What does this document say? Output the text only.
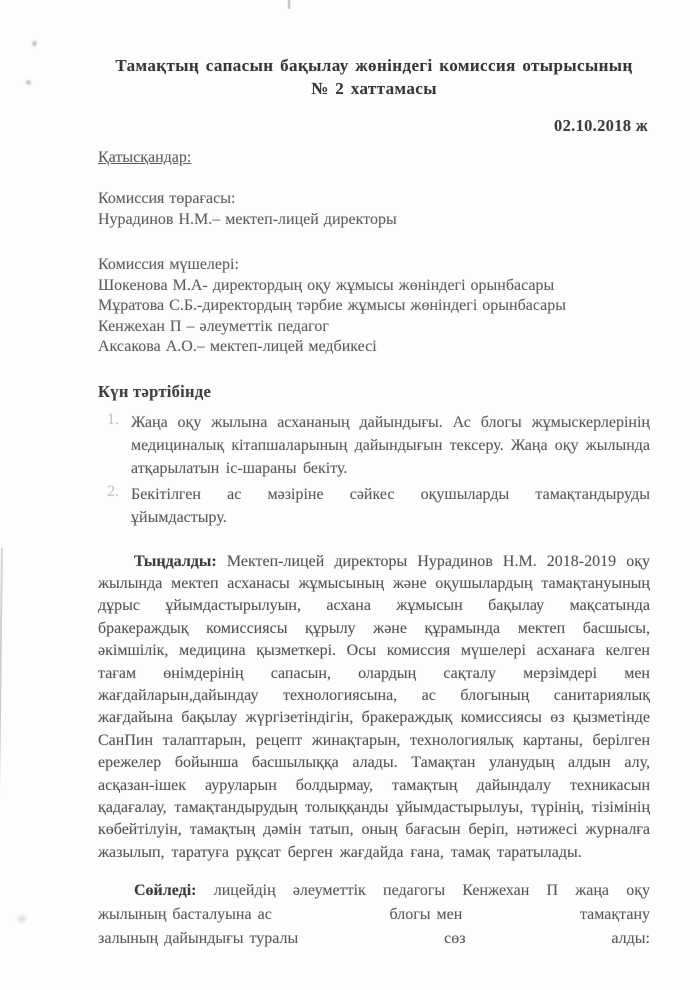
Тамақтың сапасын бақылау жөніндегі комиссия отырысының
№ 2 хаттамасы
02.10.2018 ж
Қатысқандар:
Комиссия төрағасы:
Нурадинов Н.М.– мектеп-лицей директоры
Комиссия мүшелері:
Шокенова М.А- директордың оқу жұмысы жөніндегі орынбасары
Мұратова С.Б.-директордың тәрбие жұмысы жөніндегі орынбасары
Кенжехан П – әлеуметтік педагог
Аксакова А.О.– мектеп-лицей медбикесі
Күн тәртібінде
1. Жаңа оқу жылына асхананың дайындығы. Ас блогы жұмыскерлерінің медициналық кітапшаларының дайындығын тексеру. Жаңа оқу жылында атқарылатын іс-шараны бекіту.
2. Бекітілген ас мәзіріне сәйкес оқушыларды тамақтандыруды ұйымдастыру.

Тыңдалды: Мектеп-лицей директоры Нурадинов Н.М. 2018-2019 оқу жылында мектеп асханасы жұмысының және оқушылардың тамақтануының дұрыс ұйымдастырылуын, асхана жұмысын бақылау мақсатында бракераждық комиссиясы құрылу және құрамында мектеп басшысы, әкімшілік, медицина қызметкері. Осы комиссия мүшелері асханаға келген тағам өнімдерінің сапасын, олардың сақталу мерзімдері мен жағдайларын,дайындау технологиясына, ас блогының санитариялық жағдайына бақылау жүргізетіндігін, бракераждық комиссиясы өз қызметінде СанПин талаптарын, рецепт жинақтарын, технологиялық картаны, берілген ережелер бойынша басшылыққа алады. Тамақтан уланудың алдын алу, асқазан-ішек ауруларын болдырмау, тамақтың дайындалу техникасын қадағалау, тамақтандырудың толыққанды ұйымдастырылуы, түрінің, тізімінің көбейтілуін, тамақтың дәмін татып, оның бағасын беріп, нәтижесі журналға жазылып, таратуға рұқсат берген жағдайда ғана, тамақ таратылады.

Сөйледі: лицейдің әлеуметтік педагогы Кенжехан П жаңа оқу
жылының басталуына ас	блогы мен	тамақтану
залының дайындығы туралы	сөз	алды:
